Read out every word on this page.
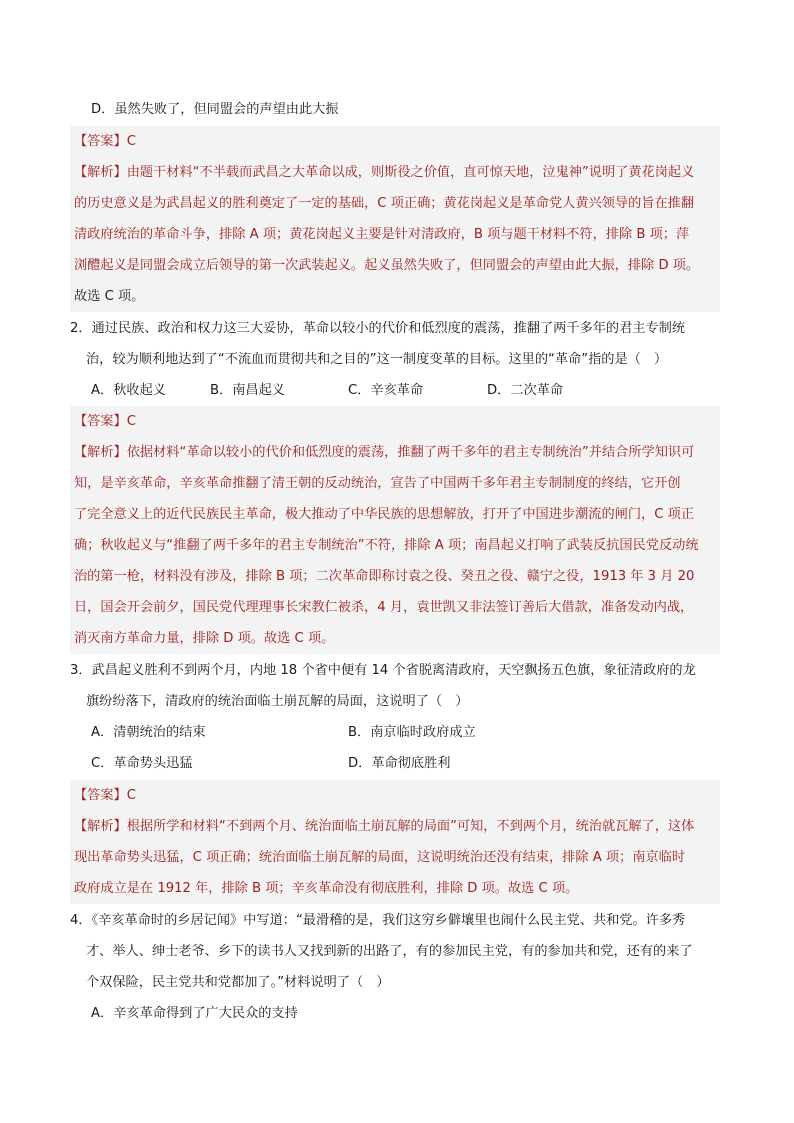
D．虽然失败了，但同盟会的声望由此大振
【答案】C
【解析】由题干材料“不半载而武昌之大革命以成，则斯役之价值，直可惊天地，泣鬼神”说明了黄花岗起义
的历史意义是为武昌起义的胜利奠定了一定的基础，C 项正确；黄花岗起义是革命党人黄兴领导的旨在推翻
清政府统治的革命斗争，排除 A 项；黄花岗起义主要是针对清政府，B 项与题干材料不符，排除 B 项；萍
浏醴起义是同盟会成立后领导的第一次武装起义。起义虽然失败了，但同盟会的声望由此大振，排除 D 项。
故选 C 项。
2．通过民族、政治和权力这三大妥协，革命以较小的代价和低烈度的震荡，推翻了两千多年的君主专制统
治，较为顺利地达到了“不流血而贯彻共和之目的”这一制度变革的目标。这里的“革命”指的是（　）
A．秋收起义	B．南昌起义	C．辛亥革命	D．二次革命
【答案】C
【解析】依据材料“革命以较小的代价和低烈度的震荡，推翻了两千多年的君主专制统治”并结合所学知识可
知，是辛亥革命，辛亥革命推翻了清王朝的反动统治，宣告了中国两千多年君主专制制度的终结，它开创
了完全意义上的近代民族民主革命，极大推动了中华民族的思想解放，打开了中国进步潮流的闸门，C 项正
确；秋收起义与“推翻了两千多年的君主专制统治”不符，排除 A 项；南昌起义打响了武装反抗国民党反动统
治的第一枪，材料没有涉及，排除 B 项；二次革命即称讨袁之役、癸丑之役、赣宁之役，1913 年 3 月 20
日，国会开会前夕，国民党代理理事长宋教仁被杀，4 月，袁世凯又非法签订善后大借款，准备发动内战，
消灭南方革命力量，排除 D 项。故选 C 项。
3．武昌起义胜利不到两个月，内地 18 个省中便有 14 个省脱离清政府，天空飘扬五色旗，象征清政府的龙
旗纷纷落下，清政府的统治面临土崩瓦解的局面，这说明了（　）
A．清朝统治的结束	B．南京临时政府成立
C．革命势头迅猛	D．革命彻底胜利
【答案】C
【解析】根据所学和材料“不到两个月、统治面临土崩瓦解的局面”可知，不到两个月，统治就瓦解了，这体
现出革命势头迅猛，C 项正确；统治面临土崩瓦解的局面，这说明统治还没有结束，排除 A 项；南京临时
政府成立是在 1912 年，排除 B 项；辛亥革命没有彻底胜利，排除 D 项。故选 C 项。
4．《辛亥革命时的乡居记闻》中写道：“最滑稽的是，我们这穷乡僻壤里也闹什么民主党、共和党。许多秀
才、举人、绅士老爷、乡下的读书人又找到新的出路了，有的参加民主党，有的参加共和党，还有的来了
个双保险，民主党共和党都加了。”材料说明了（　）
A．辛亥革命得到了广大民众的支持
